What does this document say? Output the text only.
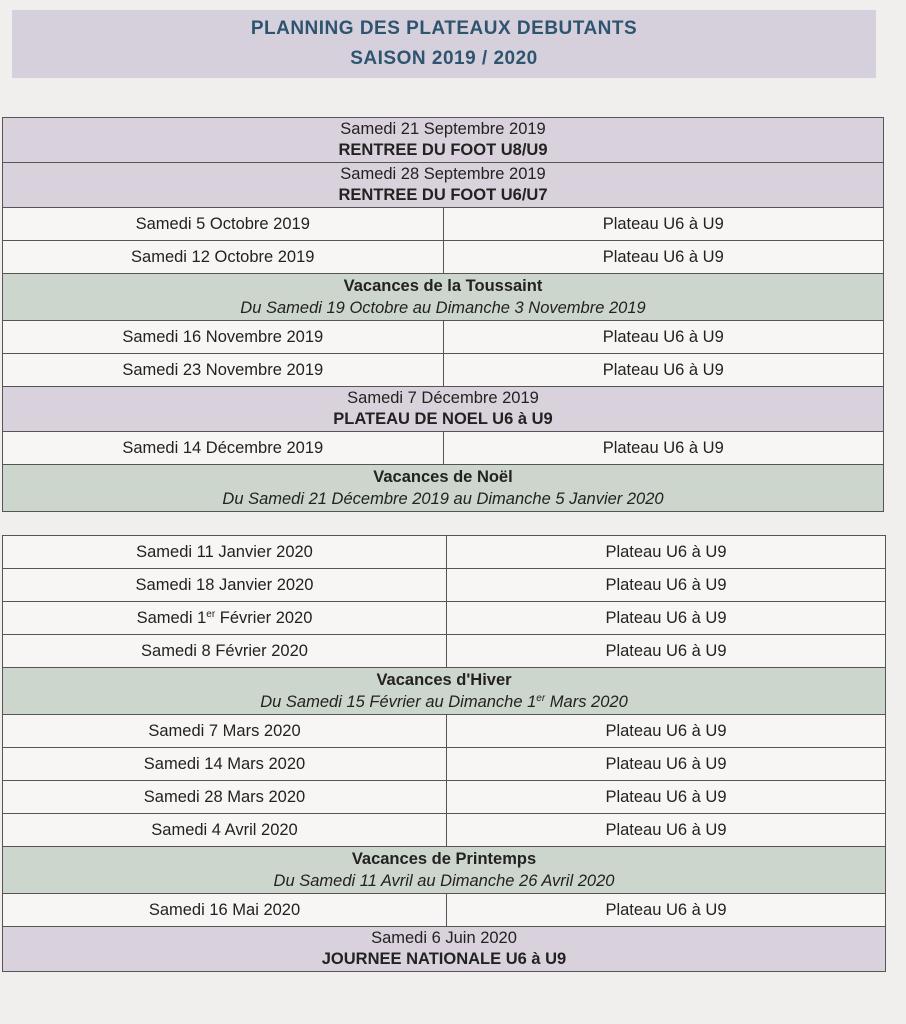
PLANNING DES PLATEAUX DEBUTANTS
SAISON 2019 / 2020
Samedi 21 Septembre 2019
RENTREE DU FOOT U8/U9	

Samedi 28 Septembre 2019
RENTREE DU FOOT U6/U7	

Samedi 5 Octobre 2019	Plateau U6 à U9
Samedi 12 Octobre 2019	Plateau U6 à U9

Vacances de la Toussaint
Du Samedi 19 Octobre au Dimanche 3 Novembre 2019	

Samedi 16 Novembre 2019	Plateau U6 à U9
Samedi 23 Novembre 2019	Plateau U6 à U9

Samedi 7 Décembre 2019
PLATEAU DE NOEL U6 à U9	

Samedi 14 Décembre 2019	Plateau U6 à U9

Vacances de Noël
Du Samedi 21 Décembre 2019 au Dimanche 5 Janvier 2020	
Samedi 11 Janvier 2020	Plateau U6 à U9
Samedi 18 Janvier 2020	Plateau U6 à U9
Samedi 1er Février 2020	Plateau U6 à U9
Samedi 8 Février 2020	Plateau U6 à U9

Vacances d'Hiver
Du Samedi 15 Février au Dimanche 1er Mars 2020	

Samedi 7 Mars 2020	Plateau U6 à U9
Samedi 14 Mars 2020	Plateau U6 à U9
Samedi 28 Mars 2020	Plateau U6 à U9
Samedi 4 Avril 2020	Plateau U6 à U9

Vacances de Printemps
Du Samedi 11 Avril au Dimanche 26 Avril 2020	

Samedi 16 Mai 2020	Plateau U6 à U9

Samedi 6 Juin 2020
JOURNEE NATIONALE U6 à U9	
